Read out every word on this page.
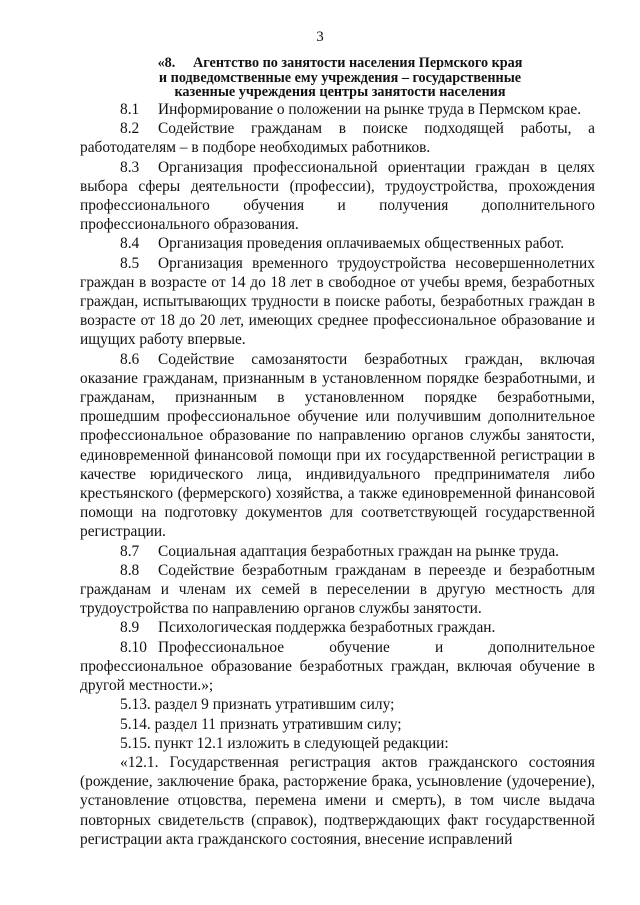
3
«8.     Агентство по занятости населения Пермского края
и подведомственные ему учреждения – государственные
казенные учреждения центры занятости населения

8.1 Информирование о положении на рынке труда в Пермском крае.

8.2 Содействие гражданам в поиске подходящей работы, а работодателям – в подборе необходимых работников.

8.3 Организация профессиональной ориентации граждан в целях выбора сферы деятельности (профессии), трудоустройства, прохождения профессионального обучения и получения дополнительного профессионального образования.

8.4 Организация проведения оплачиваемых общественных работ.

8.5 Организация временного трудоустройства несовершеннолетних граждан в возрасте от 14 до 18 лет в свободное от учебы время, безработных граждан, испытывающих трудности в поиске работы, безработных граждан в возрасте от 18 до 20 лет, имеющих среднее профессиональное образование и ищущих работу впервые.

8.6 Содействие самозанятости безработных граждан, включая оказание гражданам, признанным в установленном порядке безработными, и гражданам, признанным в установленном порядке безработными, прошедшим профессиональное обучение или получившим дополнительное профессиональное образование по направлению органов службы занятости, единовременной финансовой помощи при их государственной регистрации в качестве юридического лица, индивидуального предпринимателя либо крестьянского (фермерского) хозяйства, а также единовременной финансовой помощи на подготовку документов для соответствующей государственной регистрации.

8.7 Социальная адаптация безработных граждан на рынке труда.

8.8 Содействие безработным гражданам в переезде и безработным гражданам и членам их семей в переселении в другую местность для трудоустройства по направлению органов службы занятости.

8.9 Психологическая поддержка безработных граждан.

8.10 Профессиональное обучение и дополнительное профессиональное образование безработных граждан, включая обучение в другой местности.»;

5.13. раздел 9 признать утратившим силу;

5.14. раздел 11 признать утратившим силу;

5.15. пункт 12.1 изложить в следующей редакции:

«12.1. Государственная регистрация актов гражданского состояния (рождение, заключение брака, расторжение брака, усыновление (удочерение), установление отцовства, перемена имени и смерть), в том числе выдача повторных свидетельств (справок), подтверждающих факт государственной регистрации акта гражданского состояния, внесение исправлений
